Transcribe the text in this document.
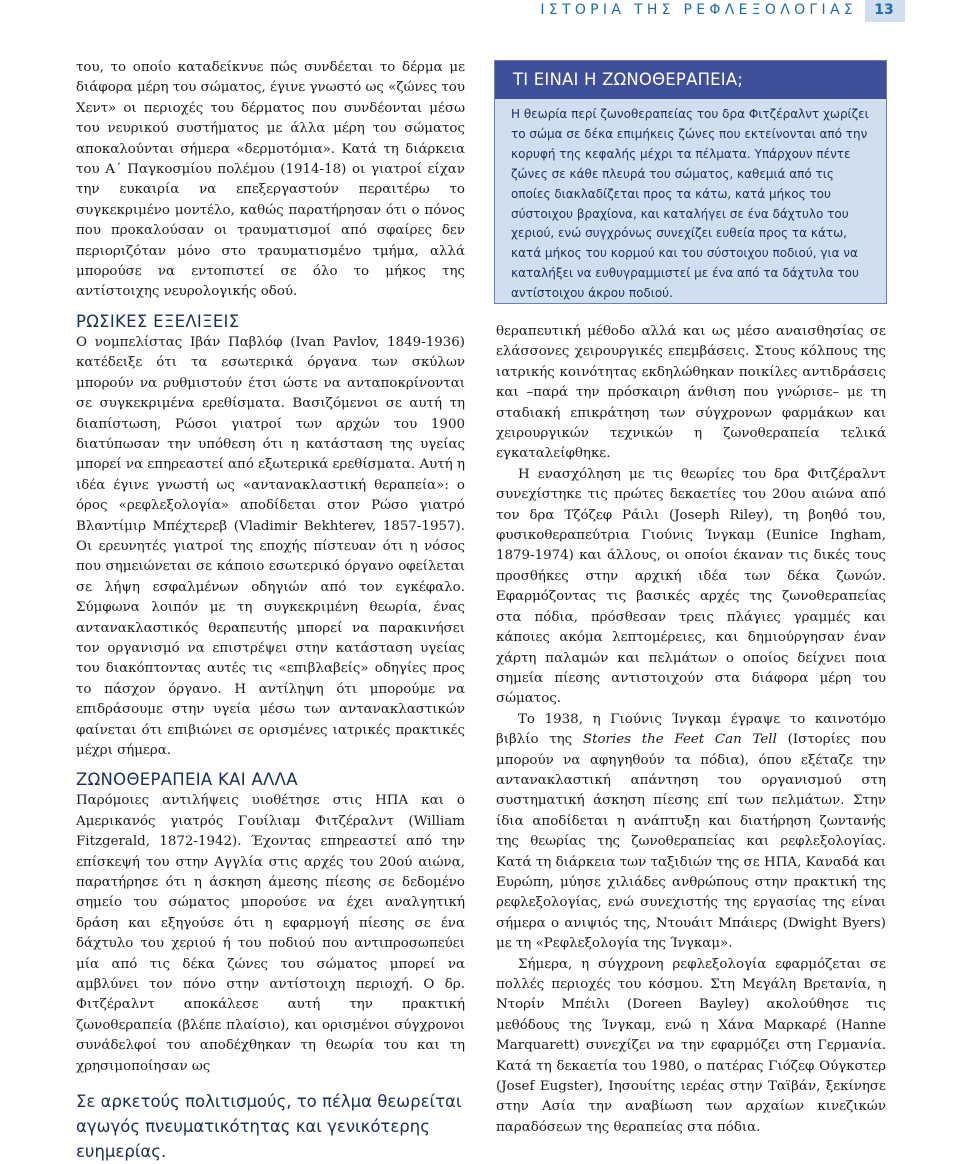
ΙΣΤΟΡΙΑ ΤΗΣ ΡΕΦΛΕΞΟΛΟΓΙΑΣ	13

του, το οποίο καταδείκνυε πώς συνδέεται το δέρμα με διάφορα μέρη του σώματος, έγινε γνωστό ως «ζώνες του Χεντ» οι περιοχές του δέρματος που συνδέονται μέσω του νευρικού συστήματος με άλλα μέρη του σώματος αποκαλούνται σήμερα «δερμοτόμια». Κατά τη διάρκεια του Α΄ Παγκοσμίου πολέμου (1914-18) οι γιατροί είχαν την ευκαιρία να επεξεργαστούν περαιτέρω το συγκεκριμένο μοντέλο, καθώς παρατήρησαν ότι ο πόνος που προκαλούσαν οι τραυματισμοί από σφαίρες δεν περιοριζόταν μόνο στο τραυματισμένο τμήμα, αλλά μπορούσε να εντοπιστεί σε όλο το μήκος της αντίστοιχης νευρολογικής οδού.

ΡΩΣΙΚΕΣ ΕΞΕΛΙΞΕΙΣ

Ο νομπελίστας Ιβάν Παβλόφ (Ivan Pavlov, 1849-1936) κατέδειξε ότι τα εσωτερικά όργανα των σκύλων μπορούν να ρυθμιστούν έτσι ώστε να ανταποκρίνονται σε συγκεκριμένα ερεθίσματα. Βασιζόμενοι σε αυτή τη διαπίστωση, Ρώσοι γιατροί των αρχών του 1900 διατύπωσαν την υπόθεση ότι η κατάσταση της υγείας μπορεί να επηρεαστεί από εξωτερικά ερεθίσματα. Αυτή η ιδέα έγινε γνωστή ως «αντανακλαστική θεραπεία»: ο όρος «ρεφλεξολογία» αποδίδεται στον Ρώσο γιατρό Βλαντίμιρ Μπέχτερεβ (Vladimir Bekhterev, 1857-1957). Οι ερευνητές γιατροί της εποχής πίστευαν ότι η νόσος που σημειώνεται σε κάποιο εσωτερικό όργανο οφείλεται σε λήψη εσφαλμένων οδηγιών από τον εγκέφαλο. Σύμφωνα λοιπόν με τη συγκεκριμένη θεωρία, ένας αντανακλαστικός θεραπευτής μπορεί να παρακινήσει τον οργανισμό να επιστρέψει στην κατάσταση υγείας του διακόπτοντας αυτές τις «επιβλαβείς» οδηγίες προς το πάσχον όργανο. Η αντίληψη ότι μπορούμε να επιδράσουμε στην υγεία μέσω των αντανακλαστικών φαίνεται ότι επιβιώνει σε ορισμένες ιατρικές πρακτικές μέχρι σήμερα.

ΖΩΝΟΘΕΡΑΠΕΙΑ ΚΑΙ ΑΛΛΑ

Παρόμοιες αντιλήψεις υιοθέτησε στις ΗΠΑ και ο Αμερικανός γιατρός Γουίλιαμ Φιτζέραλντ (William Fitzgerald, 1872-1942). Έχοντας επηρεαστεί από την επίσκεψή του στην Αγγλία στις αρχές του 20ού αιώνα, παρατήρησε ότι η άσκηση άμεσης πίεσης σε δεδομένο σημείο του σώματος μπορούσε να έχει αναλγητική δράση και εξηγούσε ότι η εφαρμογή πίεσης σε ένα δάχτυλο του χεριού ή του ποδιού που αντιπροσωπεύει μία από τις δέκα ζώνες του σώματος μπορεί να αμβλύνει τον πόνο στην αντίστοιχη περιοχή. Ο δρ. Φιτζέραλντ αποκάλεσε αυτή την πρακτική ζωνοθεραπεία (βλέπε πλαίσιο), και ορισμένοι σύγχρονοι συνάδελφοί του αποδέχθηκαν τη θεωρία του και τη χρησιμοποίησαν ως

Σε αρκετούς πολιτισμούς, το πέλμα θεωρείται αγωγός πνευματικότητας και γενικότερης ευημερίας.

ΤΙ ΕΙΝΑΙ Η ΖΩΝΟΘΕΡΑΠΕΙΑ;
Η θεωρία περί ζωνοθεραπείας του δρα Φιτζέραλντ χωρίζει το σώμα σε δέκα επιμήκεις ζώνες που εκτείνονται από την κορυφή της κεφαλής μέχρι τα πέλματα. Υπάρχουν πέντε ζώνες σε κάθε πλευρά του σώματος, καθεμιά από τις οποίες διακλαδίζεται προς τα κάτω, κατά μήκος του σύστοιχου βραχίονα, και καταλήγει σε ένα δάχτυλο του χεριού, ενώ συγχρόνως συνεχίζει ευθεία προς τα κάτω, κατά μήκος του κορμού και του σύστοιχου ποδιού, για να καταλήξει να ευθυγραμμιστεί με ένα από τα δάχτυλα του αντίστοιχου άκρου ποδιού.

θεραπευτική μέθοδο αλλά και ως μέσο αναισθησίας σε ελάσσονες χειρουργικές επεμβάσεις. Στους κόλπους της ιατρικής κοινότητας εκδηλώθηκαν ποικίλες αντιδράσεις και –παρά την πρόσκαιρη άνθιση που γνώρισε– με τη σταδιακή επικράτηση των σύγχρονων φαρμάκων και χειρουργικών τεχνικών η ζωνοθεραπεία τελικά εγκαταλείφθηκε.

Η ενασχόληση με τις θεωρίες του δρα Φιτζέραλντ συνεχίστηκε τις πρώτες δεκαετίες του 20ου αιώνα από τον δρα Τζόζεφ Ράιλι (Joseph Riley), τη βοηθό του, φυσικοθεραπεύτρια Γιούνις Ίνγκαμ (Eunice Ingham, 1879-1974) και άλλους, οι οποίοι έκαναν τις δικές τους προσθήκες στην αρχική ιδέα των δέκα ζωνών. Εφαρμόζοντας τις βασικές αρχές της ζωνοθεραπείας στα πόδια, πρόσθεσαν τρεις πλάγιες γραμμές και κάποιες ακόμα λεπτομέρειες, και δημιούργησαν έναν χάρτη παλαμών και πελμάτων ο οποίος δείχνει ποια σημεία πίεσης αντιστοιχούν στα διάφορα μέρη του σώματος.

Το 1938, η Γιούνις Ίνγκαμ έγραψε το καινοτόμο βιβλίο της Stories the Feet Can Tell (Ιστορίες που μπορούν να αφηγηθούν τα πόδια), όπου εξέταζε την αντανακλαστική απάντηση του οργανισμού στη συστηματική άσκηση πίεσης επί των πελμάτων. Στην ίδια αποδίδεται η ανάπτυξη και διατήρηση ζωντανής της θεωρίας της ζωνοθεραπείας και ρεφλεξολογίας. Κατά τη διάρκεια των ταξιδιών της σε ΗΠΑ, Καναδά και Ευρώπη, μύησε χιλιάδες ανθρώπους στην πρακτική της ρεφλεξολογίας, ενώ συνεχιστής της εργασίας της είναι σήμερα ο ανιψιός της, Ντουάιτ Μπάιερς (Dwight Byers) με τη «Ρεφλεξολογία της Ίνγκαμ».

Σήμερα, η σύγχρονη ρεφλεξολογία εφαρμόζεται σε πολλές περιοχές του κόσμου. Στη Μεγάλη Βρετανία, η Ντορίν Μπέιλι (Doreen Bayley) ακολούθησε τις μεθόδους της Ίνγκαμ, ενώ η Χάνα Μαρκαρέ (Hanne Marquarett) συνεχίζει να την εφαρμόζει στη Γερμανία. Κατά τη δεκαετία του 1980, ο πατέρας Γιόζεφ Ούγκστερ (Josef Eugster), Ιησουίτης ιερέας στην Ταϊβάν, ξεκίνησε στην Ασία την αναβίωση των αρχαίων κινεζικών παραδόσεων της θεραπείας στα πόδια.
